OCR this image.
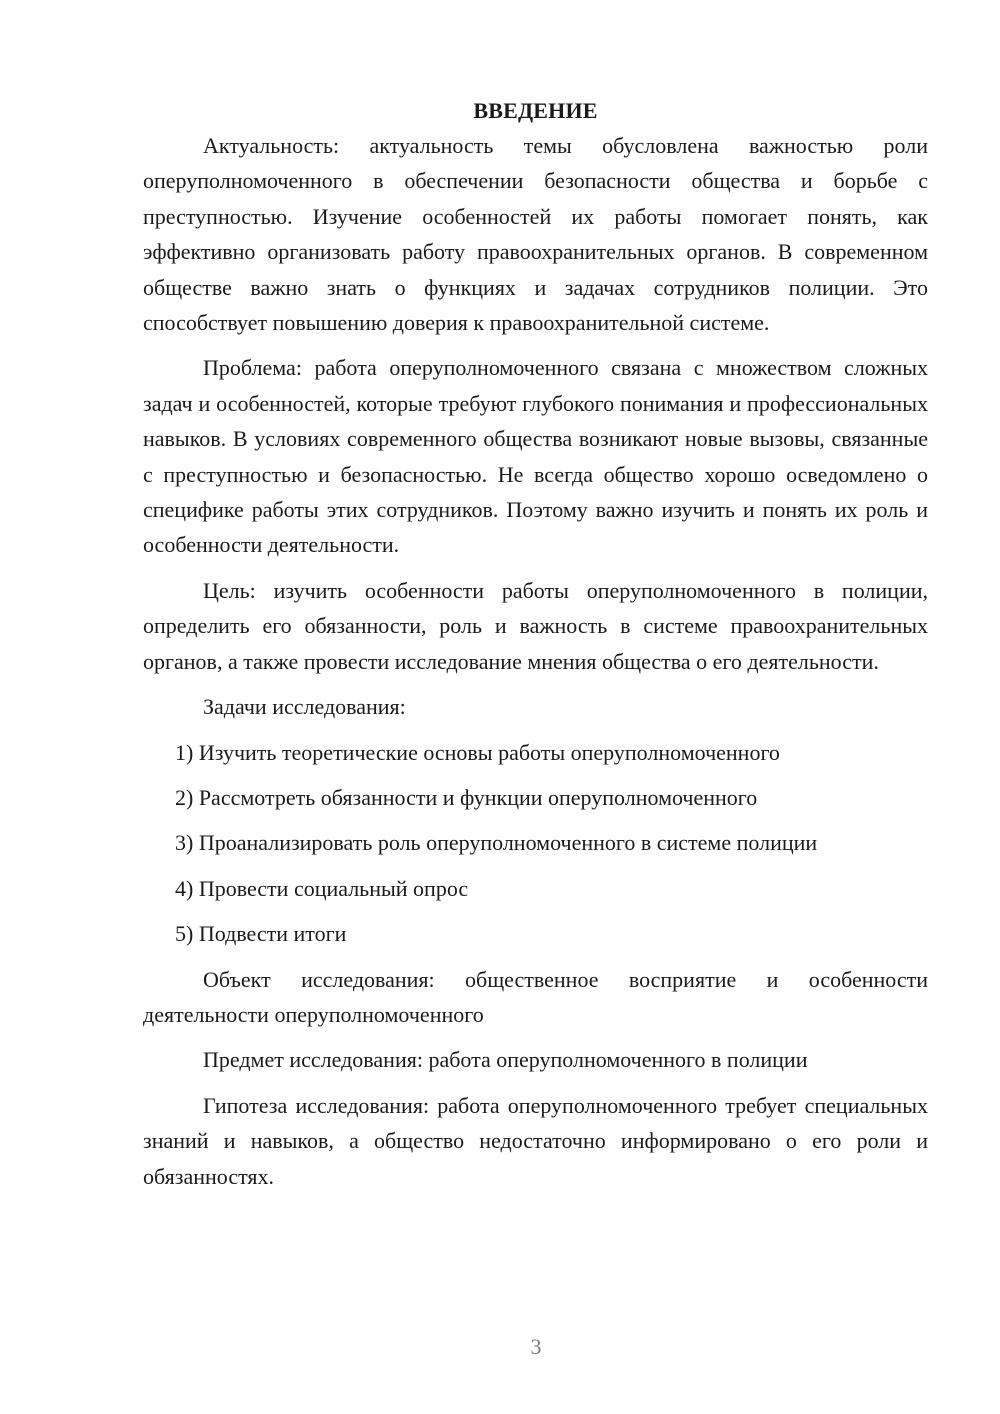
ВВЕДЕНИЕ

Актуальность: актуальность темы обусловлена важностью роли оперуполномоченного в обеспечении безопасности общества и борьбе с преступностью. Изучение особенностей их работы помогает понять, как эффективно организовать работу правоохранительных органов. В современном обществе важно знать о функциях и задачах сотрудников полиции. Это способствует повышению доверия к правоохранительной системе.

Проблема: работа оперуполномоченного связана с множеством сложных задач и особенностей, которые требуют глубокого понимания и профессиональных навыков. В условиях современного общества возникают новые вызовы, связанные с преступностью и безопасностью. Не всегда общество хорошо осведомлено о специфике работы этих сотрудников. Поэтому важно изучить и понять их роль и особенности деятельности.

Цель: изучить особенности работы оперуполномоченного в полиции, определить его обязанности, роль и важность в системе правоохранительных органов, а также провести исследование мнения общества о его деятельности.

Задачи исследования:

1) Изучить теоретические основы работы оперуполномоченного
2) Рассмотреть обязанности и функции оперуполномоченного
3) Проанализировать роль оперуполномоченного в системе полиции
4) Провести социальный опрос
5) Подвести итоги

Объект исследования: общественное восприятие и особенности деятельности оперуполномоченного

Предмет исследования: работа оперуполномоченного в полиции

Гипотеза исследования: работа оперуполномоченного требует специальных знаний и навыков, а общество недостаточно информировано о его роли и обязанностях.

3
